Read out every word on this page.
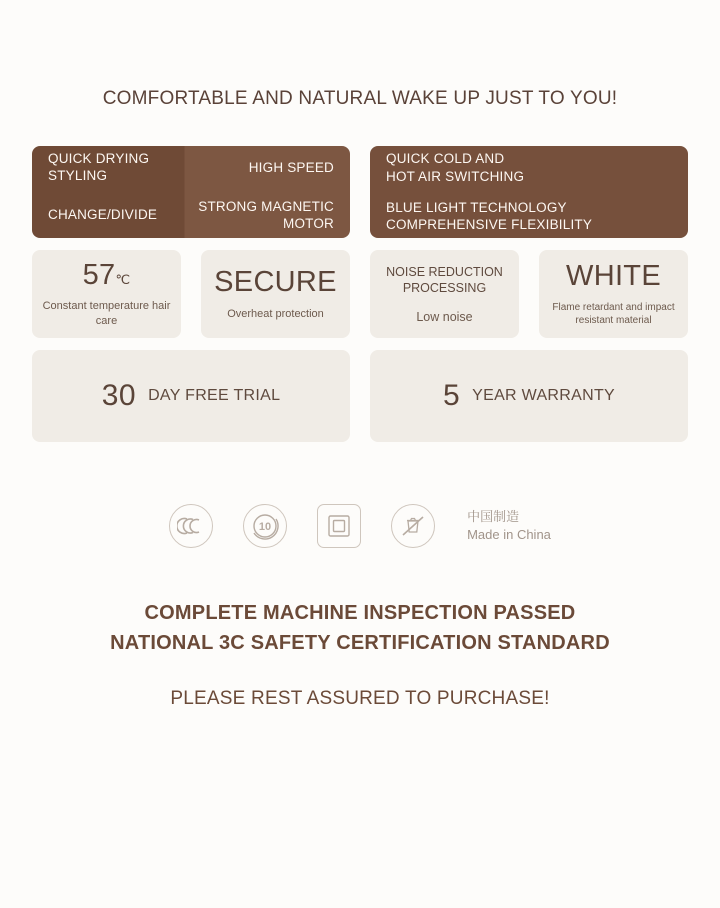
COMFORTABLE AND NATURAL WAKE UP JUST TO YOU!
QUICK DRYING STYLING
HIGH SPEED
CHANGE/DIVIDE
STRONG MAGNETIC MOTOR
QUICK COLD AND
HOT AIR SWITCHING
BLUE LIGHT TECHNOLOGY
COMPREHENSIVE FLEXIBILITY
57℃
Constant temperature hair care
SECURE
Overheat protection
NOISE REDUCTION PROCESSING
Low noise
WHITE
Flame retardant and impact resistant material
30 DAY FREE TRIAL	5 YEAR WARRANTY
10
中国制造
Made in China
COMPLETE MACHINE INSPECTION PASSED
NATIONAL 3C SAFETY CERTIFICATION STANDARD
PLEASE REST ASSURED TO PURCHASE!
